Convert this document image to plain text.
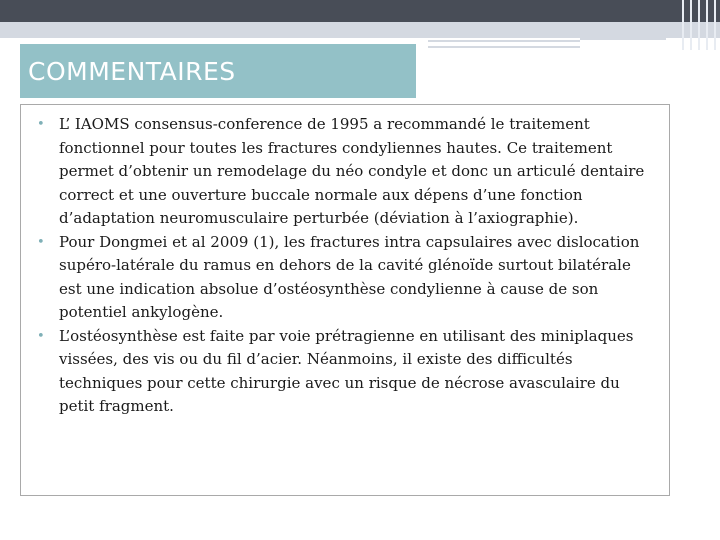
COMMENTAIRES
• L’ IAOMS consensus-conference de 1995 a recommandé le traitement fonctionnel pour toutes les fractures condyliennes hautes. Ce traitement permet d’obtenir un remodelage du néo condyle et donc un articulé dentaire correct et une ouverture buccale normale aux dépens d’une fonction d’adaptation neuromusculaire perturbée (déviation à l’axiographie).
• Pour Dongmei et al 2009 (1), les fractures intra capsulaires avec dislocation supéro-latérale du ramus en dehors de la cavité glénoïde surtout bilatérale est une indication absolue d’ostéosynthèse condylienne à cause de son potentiel ankylogène.
• L’ostéosynthèse est faite par voie prétragienne en utilisant des miniplaques vissées, des vis ou du fil d’acier. Néanmoins, il existe des difficultés techniques pour cette chirurgie avec un risque de nécrose avasculaire du petit fragment.
